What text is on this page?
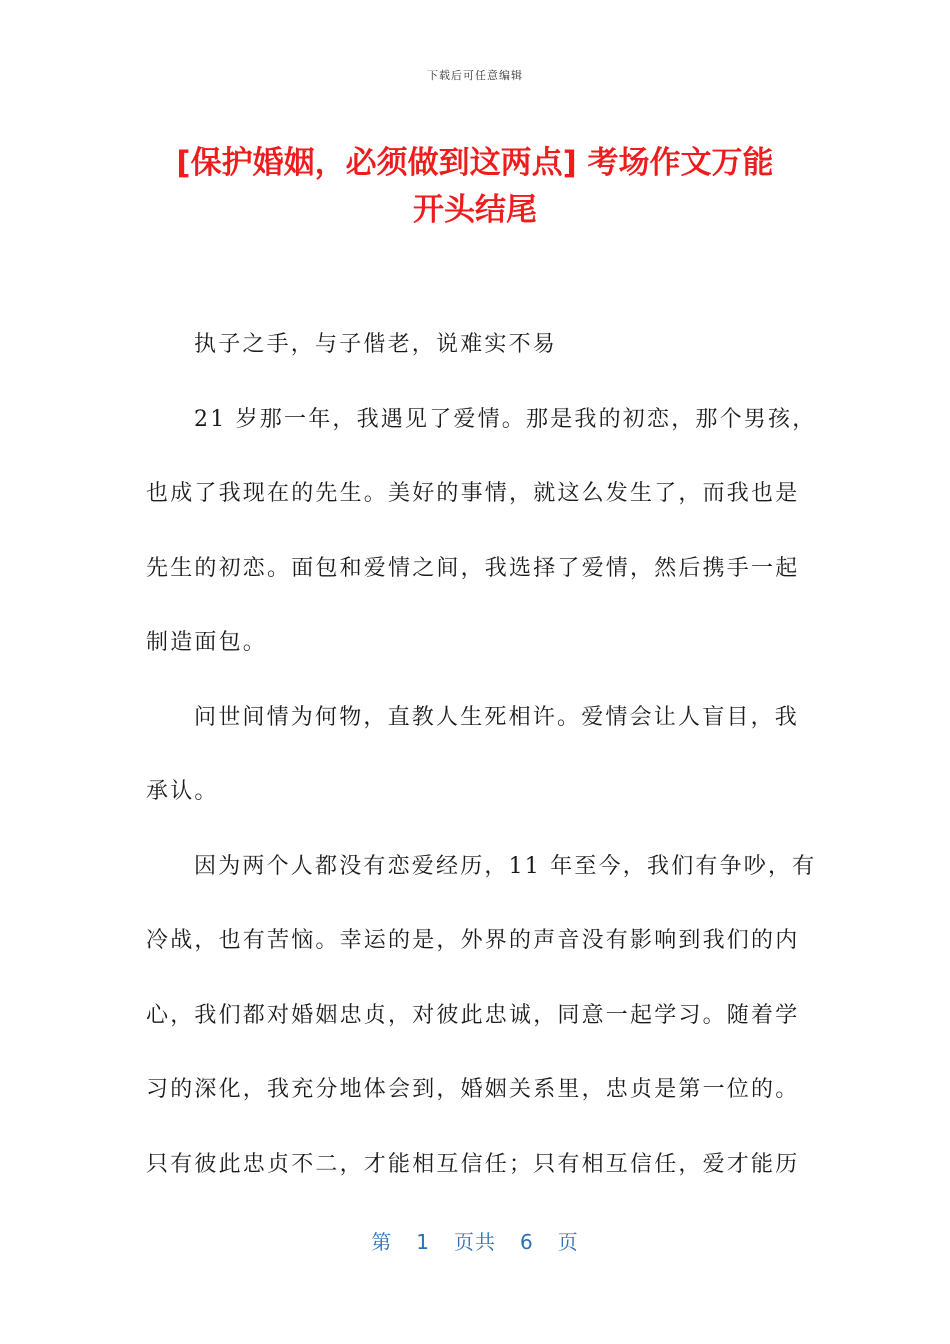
下载后可任意编辑
[保护婚姻，必须做到这两点] 考场作文万能
开头结尾
执子之手，与子偕老，说难实不易
21 岁那一年，我遇见了爱情。那是我的初恋，那个男孩，
也成了我现在的先生。美好的事情，就这么发生了，而我也是
先生的初恋。面包和爱情之间，我选择了爱情，然后携手一起
制造面包。
问世间情为何物，直教人生死相许。爱情会让人盲目，我
承认。
因为两个人都没有恋爱经历，11 年至今，我们有争吵，有
冷战，也有苦恼。幸运的是，外界的声音没有影响到我们的内
心，我们都对婚姻忠贞，对彼此忠诚，同意一起学习。随着学
习的深化，我充分地体会到，婚姻关系里，忠贞是第一位的。
只有彼此忠贞不二，才能相互信任；只有相互信任，爱才能历
第 1 页共 6 页
